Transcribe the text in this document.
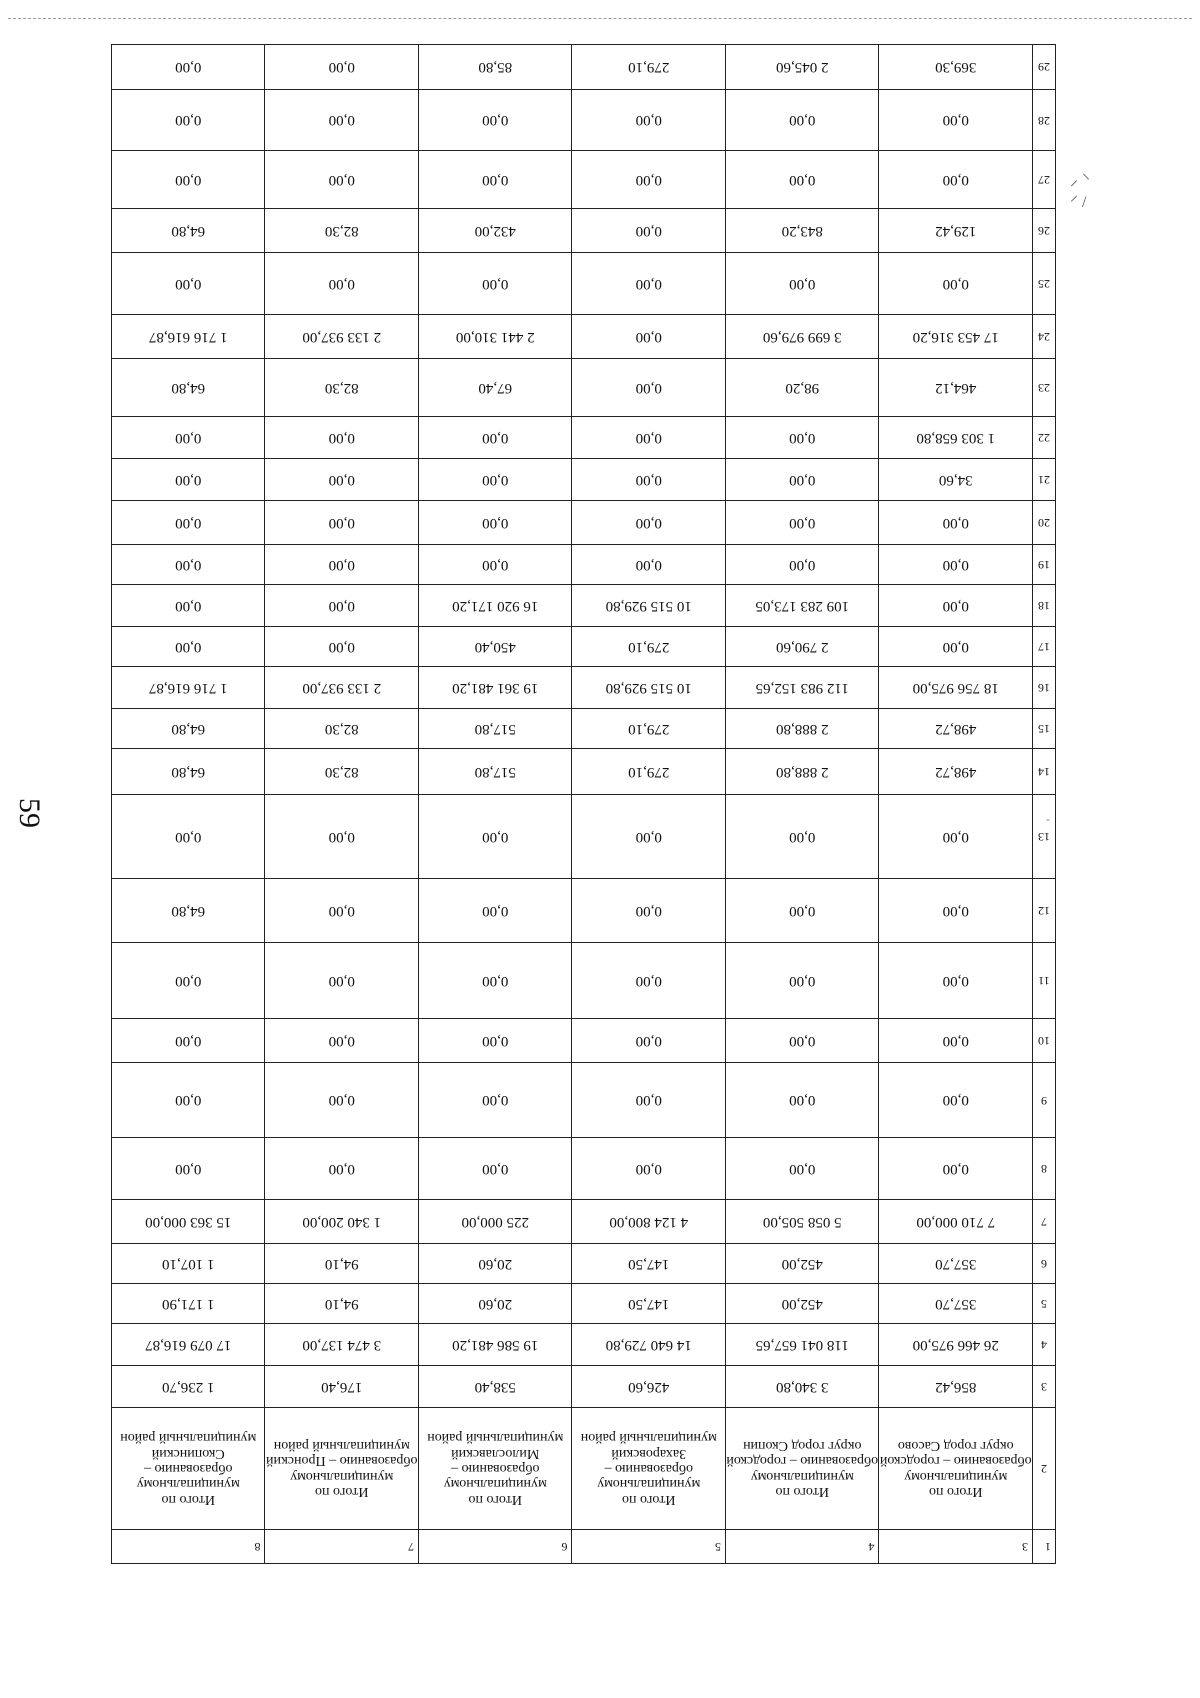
59
⸝ ⸌
⸍ /
-
1	3	4	5	6	7	8
2	Итого по муниципальному образованию – городской округ город Сасово	Итого по муниципальному образованию – городской округ город Скопин	Итого по муниципальному образованию – Захаровский муниципальный район	Итого по муниципальному образованию – Милославский муниципальный район	Итого по муниципальному образованию – Пронский муниципальный район	Итого по муниципальному образованию – Скопинский муниципальный район
3	856,42	3 340,80	426,60	538,40	176,40	1 236,70
4	26 466 975,00	118 041 657,65	14 640 729,80	19 586 481,20	3 474 137,00	17 079 616,87
5	357,70	452,00	147,50	20,60	94,10	1 171,90
6	357,70	452,00	147,50	20,60	94,10	1 107,10
7	7 710 000,00	5 058 505,00	4 124 800,00	225 000,00	1 340 200,00	15 363 000,00
8	0,00	0,00	0,00	0,00	0,00	0,00
9	0,00	0,00	0,00	0,00	0,00	0,00
10	0,00	0,00	0,00	0,00	0,00	0,00
11	0,00	0,00	0,00	0,00	0,00	0,00
12	0,00	0,00	0,00	0,00	0,00	64,80
13	0,00	0,00	0,00	0,00	0,00	0,00
14	498,72	2 888,80	279,10	517,80	82,30	64,80
15	498,72	2 888,80	279,10	517,80	82,30	64,80
16	18 756 975,00	112 983 152,65	10 515 929,80	19 361 481,20	2 133 937,00	1 716 616,87
17	0,00	2 790,60	279,10	450,40	0,00	0,00
18	0,00	109 283 173,05	10 515 929,80	16 920 171,20	0,00	0,00
19	0,00	0,00	0,00	0,00	0,00	0,00
20	0,00	0,00	0,00	0,00	0,00	0,00
21	34,60	0,00	0,00	0,00	0,00	0,00
22	1 303 658,80	0,00	0,00	0,00	0,00	0,00
23	464,12	98,20	0,00	67,40	82,30	64,80
24	17 453 316,20	3 699 979,60	0,00	2 441 310,00	2 133 937,00	1 716 616,87
25	0,00	0,00	0,00	0,00	0,00	0,00
26	129,42	843,20	0,00	432,00	82,30	64,80
27	0,00	0,00	0,00	0,00	0,00	0,00
28	0,00	0,00	0,00	0,00	0,00	0,00
29	369,30	2 045,60	279,10	85,80	0,00	0,00
